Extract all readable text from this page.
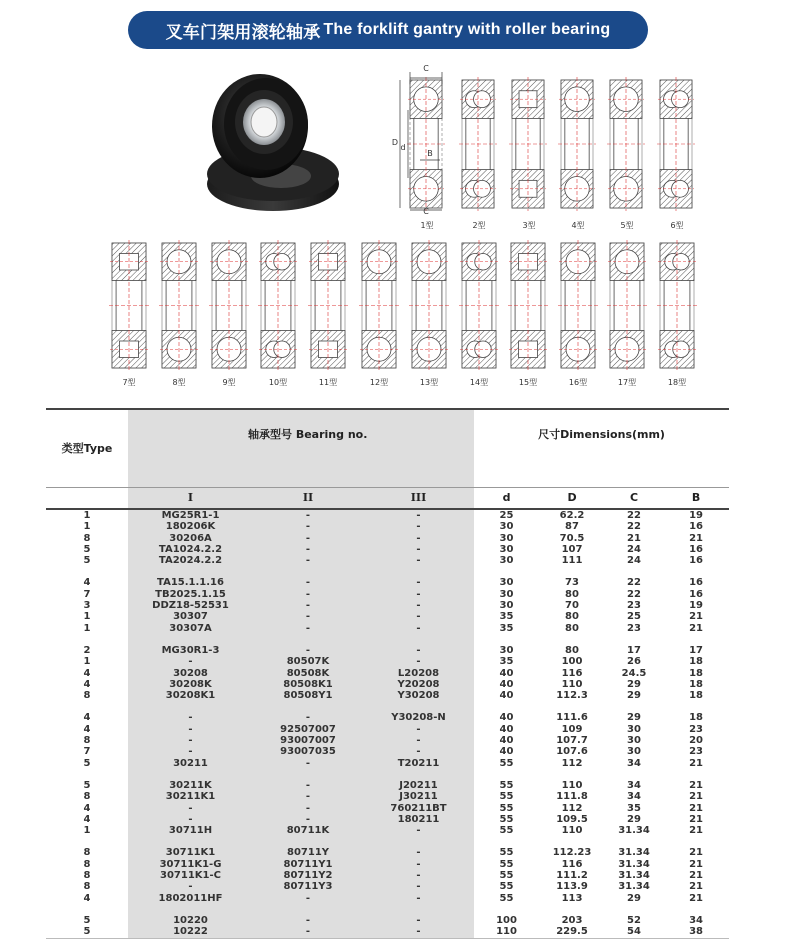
叉车门架用滚轮轴承 The forklift gantry with roller bearing
C
D
d
B
C
1型	2型	3型	4型	5型	6型
7型	8型	9型	10型	11型	12型	13型	14型	15型	16型	17型	18型
类型Type	轴承型号 Bearing no.			尺寸Dimensions(mm)			
	I	II	III	d	D	C	B
1	MG25R1-1	-	-	25	62.2	22	19
1	180206K	-	-	30	87	22	16
8	30206A	-	-	30	70.5	21	21
5	TA1024.2.2	-	-	30	107	24	16
5	TA2024.2.2	-	-	30	111	24	16

4	TA15.1.1.16	-	-	30	73	22	16
7	TB2025.1.15	-	-	30	80	22	16
3	DDZ18-52531	-	-	30	70	23	19
1	30307	-	-	35	80	25	21
1	30307A	-	-	35	80	23	21

2	MG30R1-3	-	-	30	80	17	17
1	-	80507K	-	35	100	26	18
4	30208	80508K	L20208	40	116	24.5	18
4	30208K	80508K1	Y20208	40	110	29	18
8	30208K1	80508Y1	Y30208	40	112.3	29	18

4	-	-	Y30208-N	40	111.6	29	18
4	-	92507007	-	40	109	30	23
8	-	93007007	-	40	107.7	30	20
7	-	93007035	-	40	107.6	30	23
5	30211	-	T20211	55	112	34	21

5	30211K	-	J20211	55	110	34	21
8	30211K1	-	J30211	55	111.8	34	21
4	-	-	760211BT	55	112	35	21
4	-	-	180211	55	109.5	29	21
1	30711H	80711K	-	55	110	31.34	21

8	30711K1	80711Y	-	55	112.23	31.34	21
8	30711K1-G	80711Y1	-	55	116	31.34	21
8	30711K1-C	80711Y2	-	55	111.2	31.34	21
8	-	80711Y3	-	55	113.9	31.34	21
4	1802011HF	-	-	55	113	29	21

5	10220	-	-	100	203	52	34
5	10222	-	-	110	229.5	54	38
